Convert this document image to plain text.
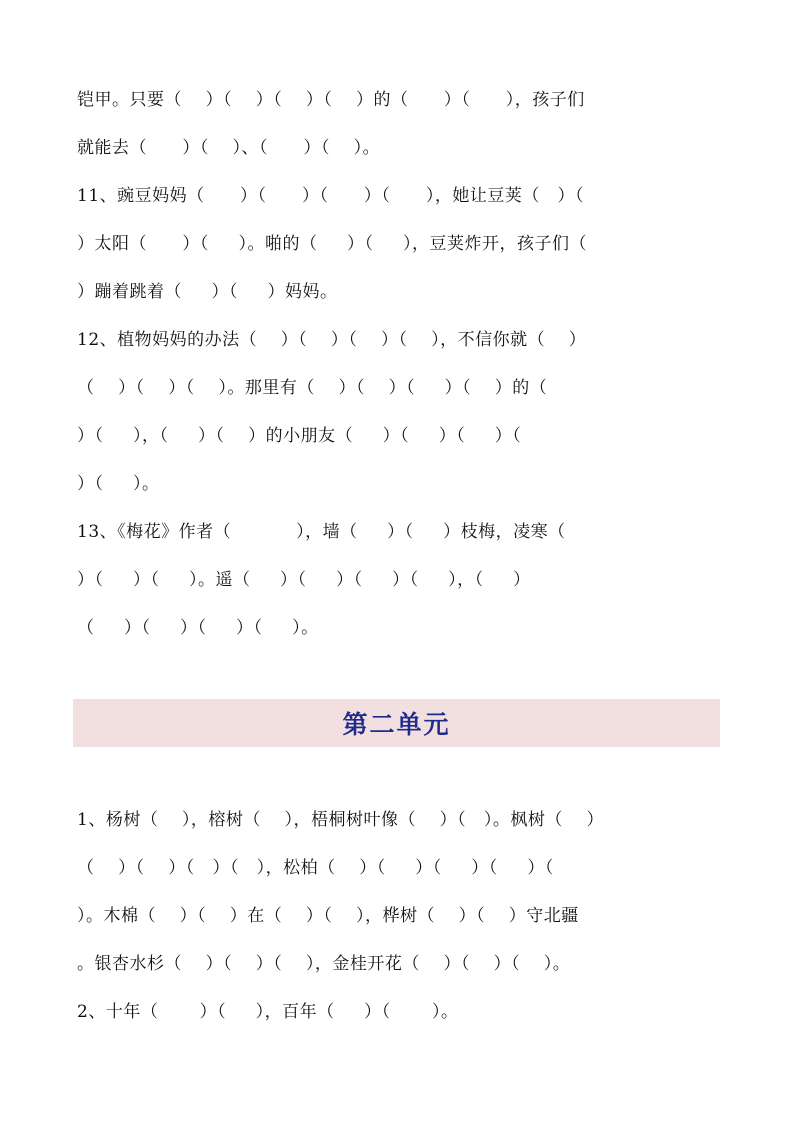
铠甲。只要（    ）（    ）（    ）（    ）的（      ）（      ），孩子们
就能去（      ）（    ）、（      ）（    ）。
11、豌豆妈妈（      ）（      ）（      ）（      ），她让豆荚（   ）（
）太阳（      ）（     ）。啪的（     ）（     ），豆荚炸开，孩子们（
）蹦着跳着（     ）（     ）妈妈。
12、植物妈妈的办法（    ）（    ）（    ）（    ），不信你就（    ）
（    ）（    ）（    ）。那里有（    ）（    ）（     ）（    ）的（
）（     ），（     ）（    ）的小朋友（     ）（     ）（     ）（
）（     ）。
13、《梅花》作者（           ），墙（     ）（     ）枝梅，凌寒（
）（     ）（     ）。遥（     ）（     ）（     ）（     ），（     ）
（     ）（     ）（     ）（     ）。
第二单元
1、杨树（    ），榕树（    ），梧桐树叶像（    ）（   ）。枫树（    ）
（    ）（    ）（   ）（   ），松柏（    ）（     ）（     ）（     ）（
）。木棉（    ）（    ）在（    ）（    ），桦树（    ）（    ）守北疆
。银杏水杉（    ）（    ）（    ），金桂开花（    ）（    ）（    ）。
2、十年（       ）（     ），百年（     ）（       ）。
